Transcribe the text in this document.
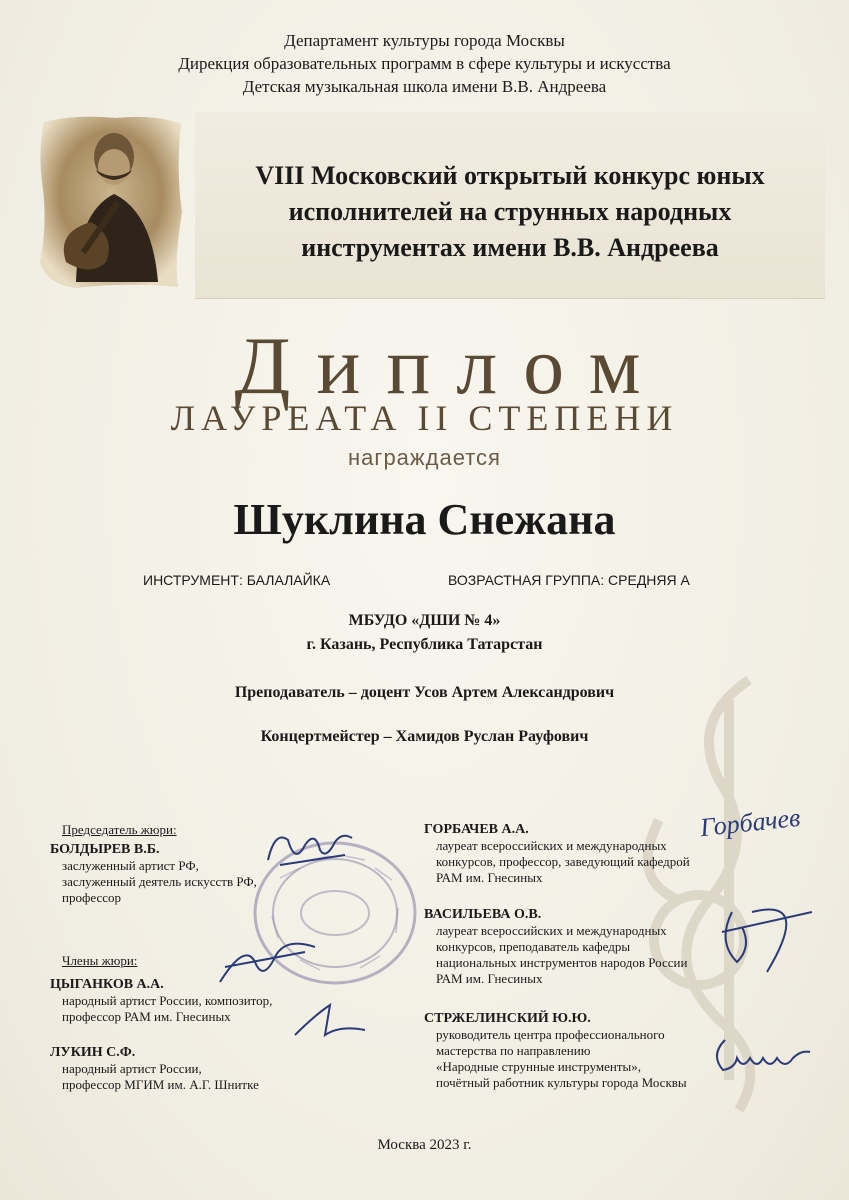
Департамент культуры города Москвы
Дирекция образовательных программ в сфере культуры и искусства
Детская музыкальная школа имени В.В. Андреева
VIII Московский открытый конкурс юных
исполнителей на струнных народных
инструментах имени В.В. Андреева
Диплом
ЛАУРЕАТА II СТЕПЕНИ
награждается
Шуклина Снежана
ИНСТРУМЕНТ: БАЛАЛАЙКА	ВОЗРАСТНАЯ ГРУППА: СРЕДНЯЯ А
МБУДО «ДШИ № 4»
г. Казань, Республика Татарстан
Преподаватель – доцент Усов Артем Александрович
Концертмейстер – Хамидов Руслан Рауфович
Горбачев
Председатель жюри:
БОЛДЫРЕВ В.Б.
заслуженный артист РФ,
заслуженный деятель искусств РФ,
профессор
Члены жюри:
ЦЫГАНКОВ А.А.
народный артист России, композитор,
профессор РАМ им. Гнесиных
ЛУКИН С.Ф.
народный артист России,
профессор МГИМ им. А.Г. Шнитке
ГОРБАЧЕВ А.А.
лауреат всероссийских и международных
конкурсов, профессор, заведующий кафедрой
РАМ им. Гнесиных
ВАСИЛЬЕВА О.В.
лауреат всероссийских и международных
конкурсов, преподаватель кафедры
национальных инструментов народов России
РАМ им. Гнесиных
СТРЖЕЛИНСКИЙ Ю.Ю.
руководитель центра профессионального
мастерства по направлению
«Народные струнные инструменты»,
почётный работник культуры города Москвы
Москва 2023 г.
